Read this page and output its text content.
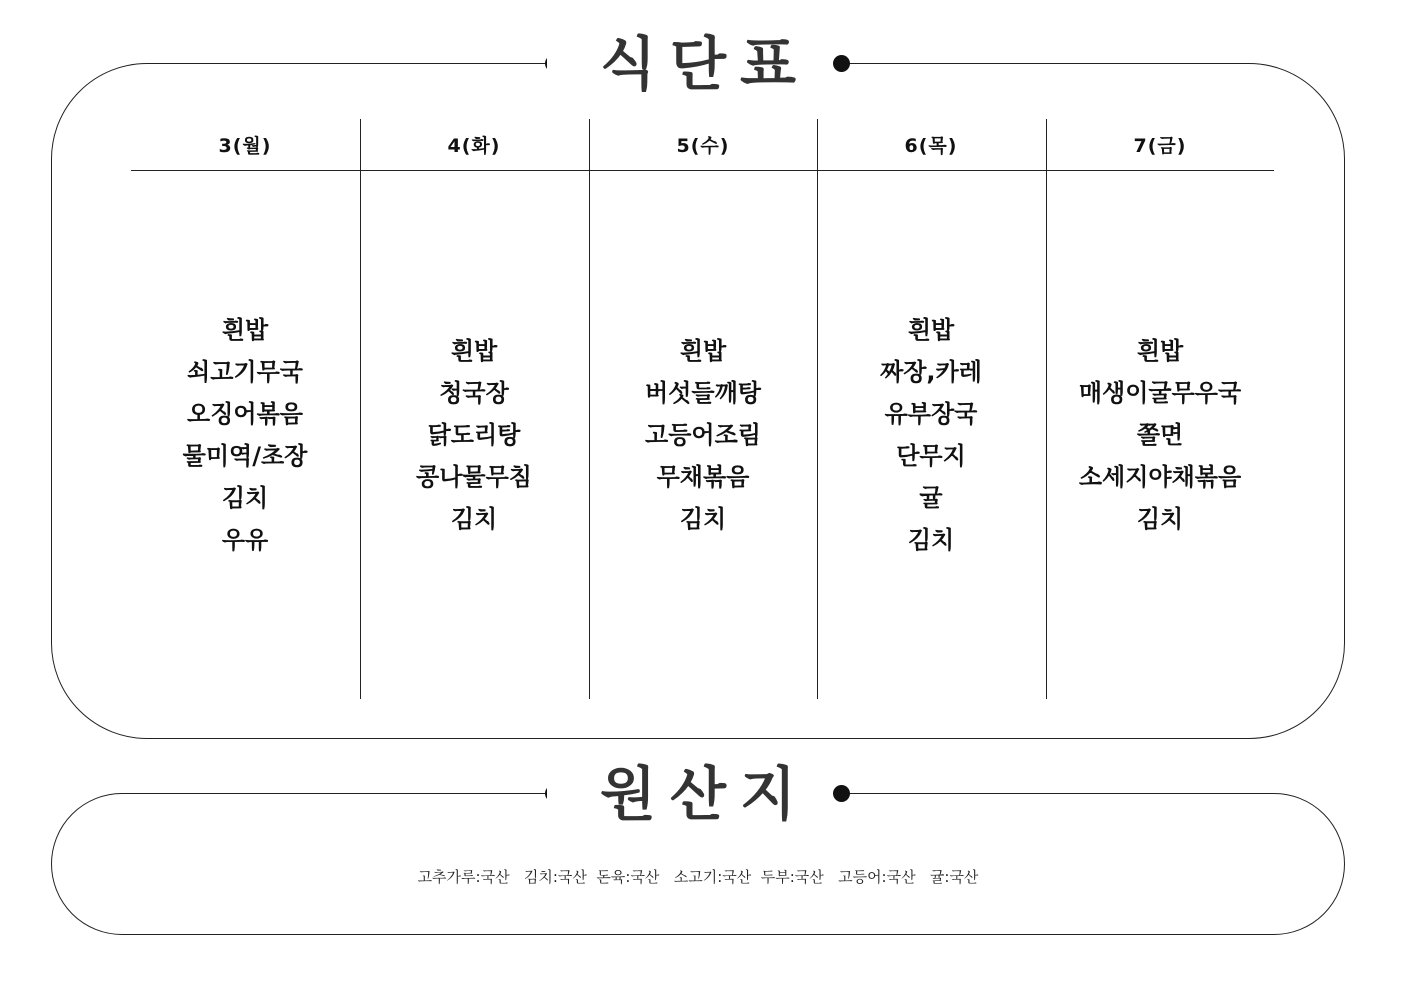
식단표
3(월)
흰밥
쇠고기무국
오징어볶음
물미역/초장
김치
우유
4(화)
흰밥
청국장
닭도리탕
콩나물무침
김치
5(수)
흰밥
버섯들깨탕
고등어조림
무채볶음
김치
6(목)
흰밥
짜장,카레
유부장국
단무지
귤
김치
7(금)
흰밥
매생이굴무우국
쫄면
소세지야채볶음
김치
원산지
고추가루:국산   김치:국산  돈육:국산   소고기:국산  두부:국산   고등어:국산   귤:국산
